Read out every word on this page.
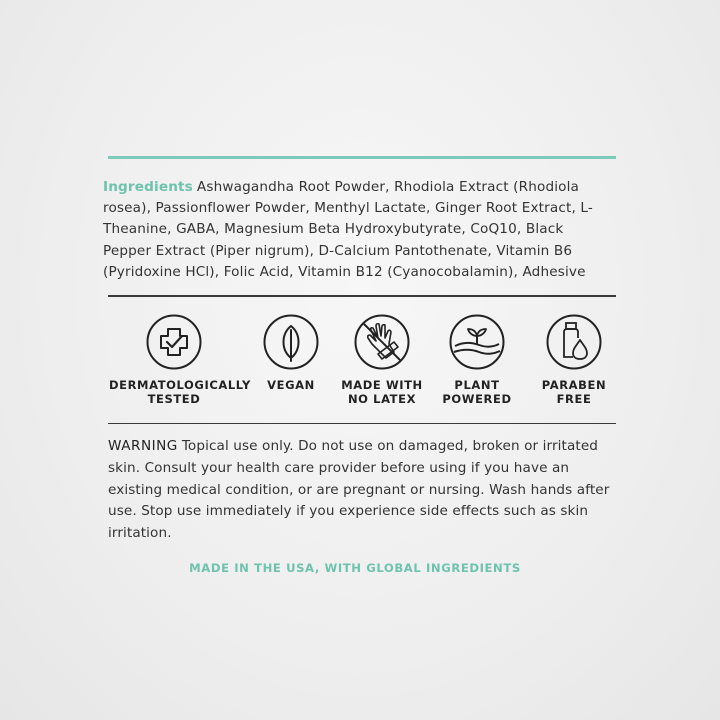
Ingredients Ashwagandha Root Powder, Rhodiola Extract (Rhodiola rosea), Passionflower Powder, Menthyl Lactate, Ginger Root Extract, L-Theanine, GABA, Magnesium Beta Hydroxybutyrate, CoQ10, Black Pepper Extract (Piper nigrum), D-Calcium Pantothenate, Vitamin B6 (Pyridoxine HCl), Folic Acid, Vitamin B12 (Cyanocobalamin), Adhesive
DERMATOLOGICALLY
TESTED
VEGAN	MADE WITH
NO LATEX
PLANT
POWERED
PARABEN
FREE
WARNING Topical use only. Do not use on damaged, broken or irritated skin. Consult your health care provider before using if you have an existing medical condition, or are pregnant or nursing. Wash hands after use. Stop use immediately if you experience side effects such as skin irritation.
MADE IN THE USA, WITH GLOBAL INGREDIENTS
